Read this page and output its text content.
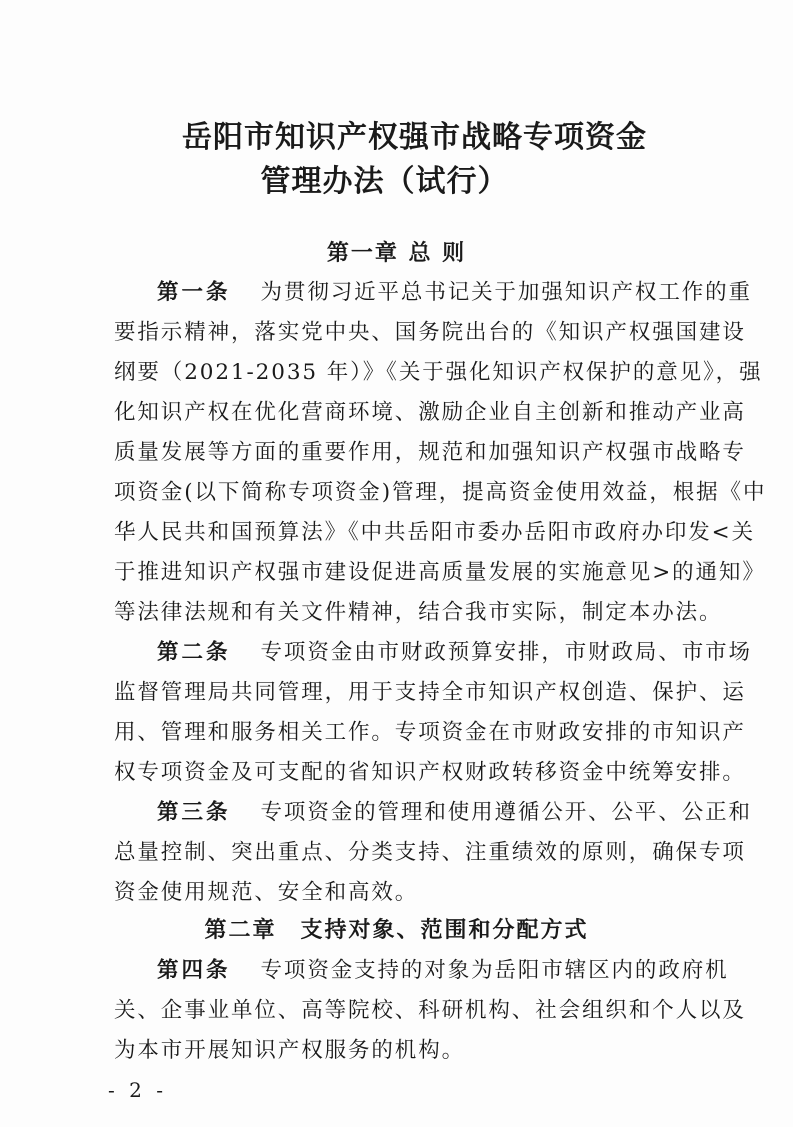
岳阳市知识产权强市战略专项资金
管理办法（试行）
第一章 总 则
第一条 为贯彻习近平总书记关于加强知识产权工作的重
要指示精神，落实党中央、国务院出台的《知识产权强国建设
纲要（2021-2035 年）》《关于强化知识产权保护的意见》，强
化知识产权在优化营商环境、激励企业自主创新和推动产业高
质量发展等方面的重要作用，规范和加强知识产权强市战略专
项资金(以下简称专项资金)管理，提高资金使用效益，根据《中
华人民共和国预算法》《中共岳阳市委办岳阳市政府办印发<关
于推进知识产权强市建设促进高质量发展的实施意见>的通知》
等法律法规和有关文件精神，结合我市实际，制定本办法。
第二条 专项资金由市财政预算安排，市财政局、市市场
监督管理局共同管理，用于支持全市知识产权创造、保护、运
用、管理和服务相关工作。专项资金在市财政安排的市知识产
权专项资金及可支配的省知识产权财政转移资金中统筹安排。
第三条 专项资金的管理和使用遵循公开、公平、公正和
总量控制、突出重点、分类支持、注重绩效的原则，确保专项
资金使用规范、安全和高效。
第二章　支持对象、范围和分配方式
第四条 专项资金支持的对象为岳阳市辖区内的政府机
关、企事业单位、高等院校、科研机构、社会组织和个人以及
为本市开展知识产权服务的机构。
- 2 -
